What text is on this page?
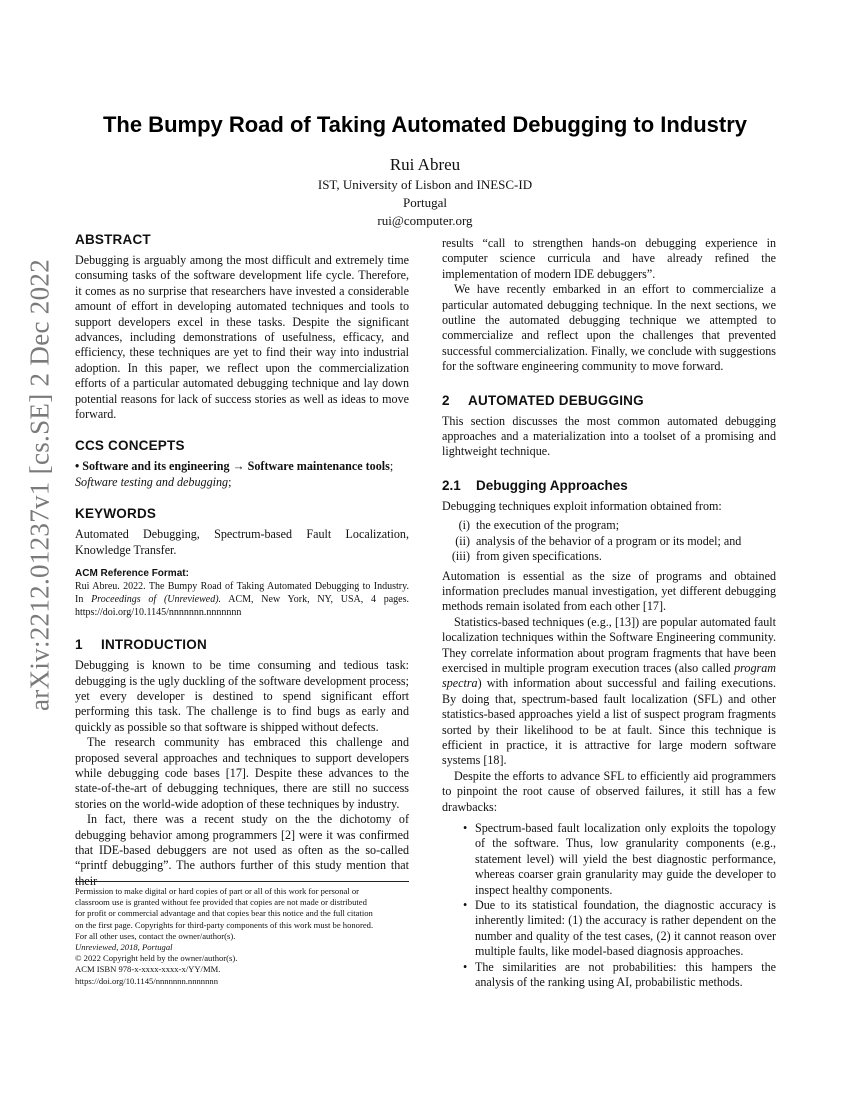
arXiv:2212.01237v1 [cs.SE] 2 Dec 2022
The Bumpy Road of Taking Automated Debugging to Industry
Rui Abreu
IST, University of Lisbon and INESC-ID
Portugal
rui@computer.org
ABSTRACT

Debugging is arguably among the most difficult and extremely time consuming tasks of the software development life cycle. Therefore, it comes as no surprise that researchers have invested a considerable amount of effort in developing automated techniques and tools to support developers excel in these tasks. Despite the significant advances, including demonstrations of usefulness, efficacy, and efficiency, these techniques are yet to find their way into industrial adoption. In this paper, we reflect upon the commercialization efforts of a particular automated debugging technique and lay down potential reasons for lack of success stories as well as ideas to move forward.

CCS CONCEPTS

• Software and its engineering → Software maintenance tools;
Software testing and debugging;

KEYWORDS

Automated Debugging, Spectrum-based Fault Localization, Knowledge Transfer.

ACM Reference Format:

Rui Abreu. 2022. The Bumpy Road of Taking Automated Debugging to Industry. In Proceedings of (Unreviewed). ACM, New York, NY, USA, 4 pages. https://doi.org/10.1145/nnnnnnn.nnnnnnn

1 INTRODUCTION

Debugging is known to be time consuming and tedious task: debugging is the ugly duckling of the software development process; yet every developer is destined to spend significant effort performing this task. The challenge is to find bugs as early and quickly as possible so that software is shipped without defects.

The research community has embraced this challenge and proposed several approaches and techniques to support developers while debugging code bases [17]. Despite these advances to the state-of-the-art of debugging techniques, there are still no success stories on the world-wide adoption of these techniques by industry.

In fact, there was a recent study on the the dichotomy of debugging behavior among programmers [2] were it was confirmed that IDE-based debuggers are not used as often as the so-called “printf debugging”. The authors further of this study mention that their

results “call to strengthen hands-on debugging experience in computer science curricula and have already refined the implementation of modern IDE debuggers”.

We have recently embarked in an effort to commercialize a particular automated debugging technique. In the next sections, we outline the automated debugging technique we attempted to commercialize and reflect upon the challenges that prevented successful commercialization. Finally, we conclude with suggestions for the software engineering community to move forward.

2 AUTOMATED DEBUGGING

This section discusses the most common automated debugging approaches and a materialization into a toolset of a promising and lightweight technique.

2.1 Debugging Approaches

Debugging techniques exploit information obtained from:

(i) the execution of the program;
(ii) analysis of the behavior of a program or its model; and
(iii) from given specifications.

Automation is essential as the size of programs and obtained information precludes manual investigation, yet different debugging methods remain isolated from each other [17].

Statistics-based techniques (e.g., [13]) are popular automated fault localization techniques within the Software Engineering community. They correlate information about program fragments that have been exercised in multiple program execution traces (also called program spectra) with information about successful and failing executions. By doing that, spectrum-based fault localization (SFL) and other statistics-based approaches yield a list of suspect program fragments sorted by their likelihood to be at fault. Since this technique is efficient in practice, it is attractive for large modern software systems [18].

Despite the efforts to advance SFL to efficiently aid programmers to pinpoint the root cause of observed failures, it still has a few drawbacks:

• Spectrum-based fault localization only exploits the topology of the software. Thus, low granularity components (e.g., statement level) will yield the best diagnostic performance, whereas coarser grain granularity may guide the developer to inspect healthy components.
• Due to its statistical foundation, the diagnostic accuracy is inherently limited: (1) the accuracy is rather dependent on the number and quality of the test cases, (2) it cannot reason over multiple faults, like model-based diagnosis approaches.
• The similarities are not probabilities: this hampers the analysis of the ranking using AI, probabilistic methods.
Permission to make digital or hard copies of part or all of this work for personal or
classroom use is granted without fee provided that copies are not made or distributed
for profit or commercial advantage and that copies bear this notice and the full citation
on the first page. Copyrights for third-party components of this work must be honored.
For all other uses, contact the owner/author(s).
Unreviewed, 2018, Portugal
© 2022 Copyright held by the owner/author(s).
ACM ISBN 978-x-xxxx-xxxx-x/YY/MM.
https://doi.org/10.1145/nnnnnnn.nnnnnnn
